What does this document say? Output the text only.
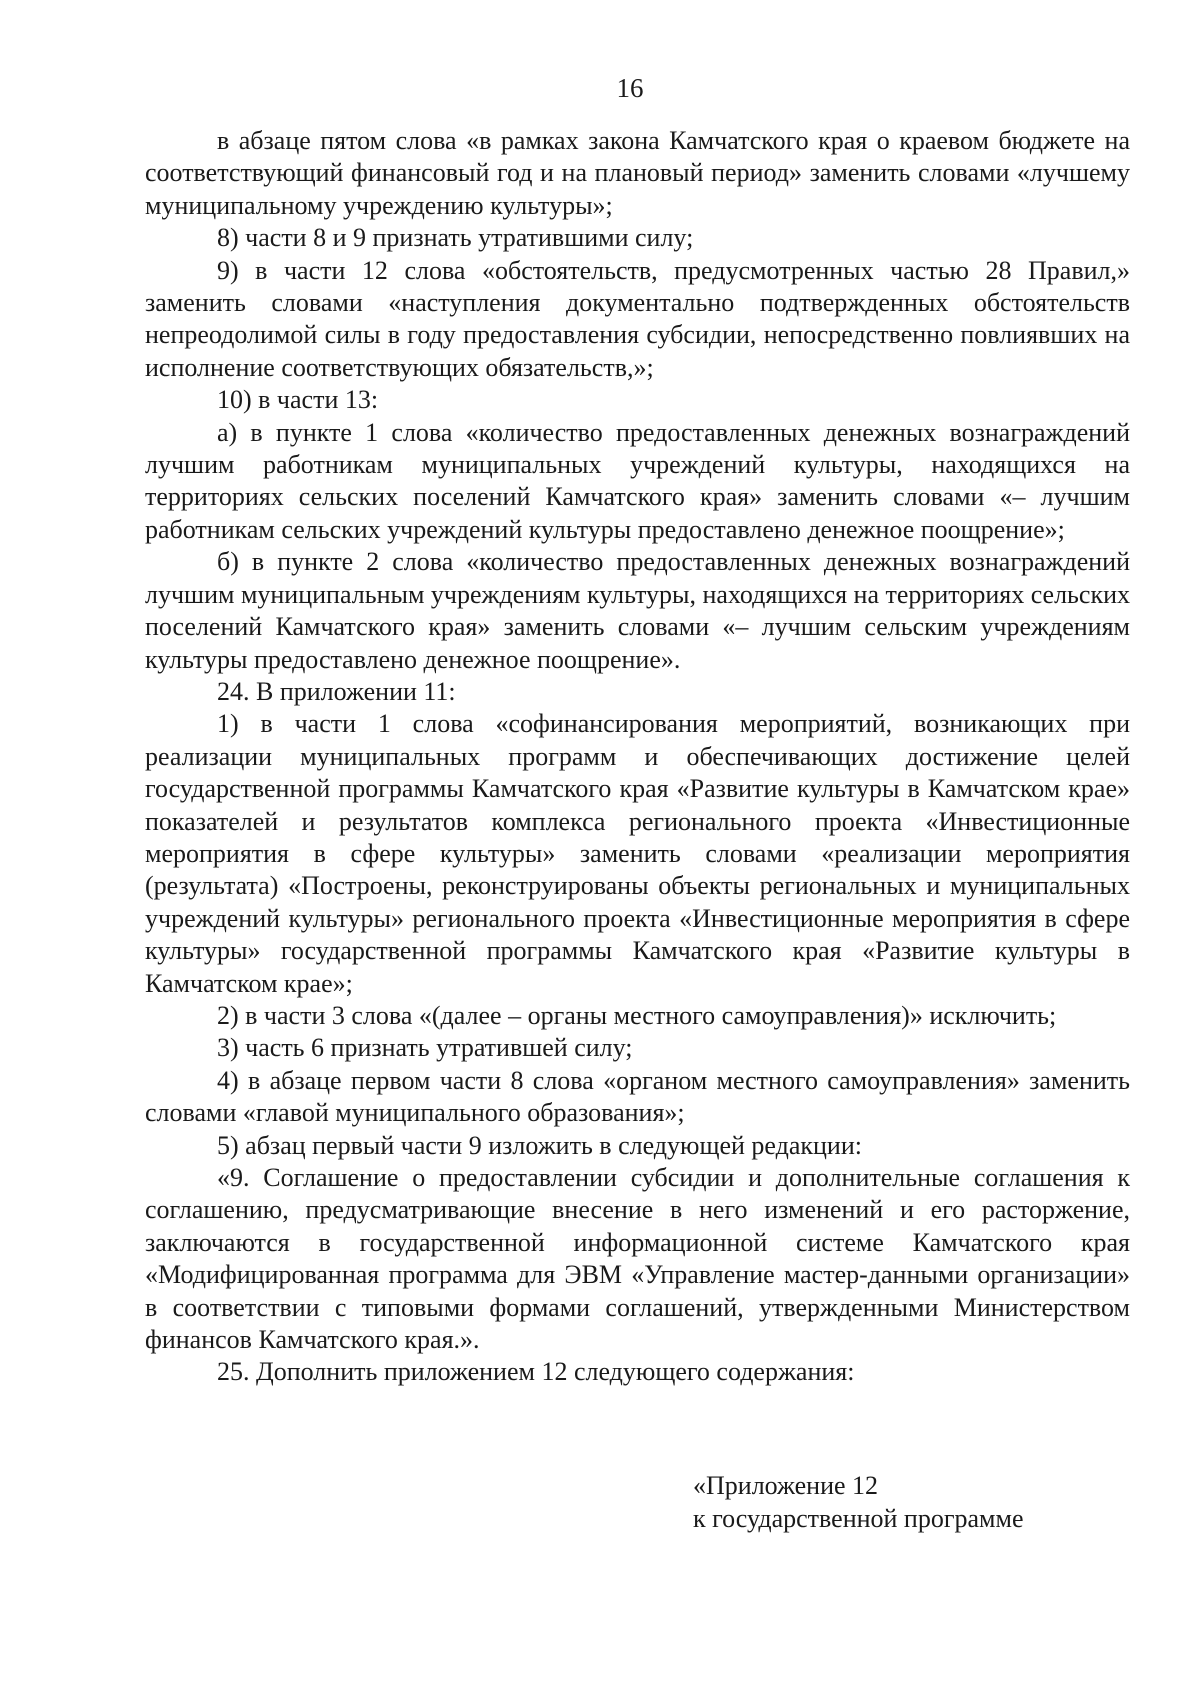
16

в абзаце пятом слова «в рамках закона Камчатского края о краевом бюджете на соответствующий финансовый год и на плановый период» заменить словами «лучшему муниципальному учреждению культуры»;

8) части 8 и 9 признать утратившими силу;

9) в части 12 слова «обстоятельств, предусмотренных частью 28 Правил,» заменить словами «наступления документально подтвержденных обстоятельств непреодолимой силы в году предоставления субсидии, непосредственно повлиявших на исполнение соответствующих обязательств,»;

10) в части 13:

а) в пункте 1 слова «количество предоставленных денежных вознаграждений лучшим работникам муниципальных учреждений культуры, находящихся на территориях сельских поселений Камчатского края» заменить словами «– лучшим работникам сельских учреждений культуры предоставлено денежное поощрение»;

б) в пункте 2 слова «количество предоставленных денежных вознаграждений лучшим муниципальным учреждениям культуры, находящихся на территориях сельских поселений Камчатского края» заменить словами «– лучшим сельским учреждениям культуры предоставлено денежное поощрение».

24. В приложении 11:

1) в части 1 слова «софинансирования мероприятий, возникающих при реализации муниципальных программ и обеспечивающих достижение целей государственной программы Камчатского края «Развитие культуры в Камчатском крае» показателей и результатов комплекса регионального проекта «Инвестиционные мероприятия в сфере культуры» заменить словами «реализации мероприятия (результата) «Построены, реконструированы объекты региональных и муниципальных учреждений культуры» регионального проекта «Инвестиционные мероприятия в сфере культуры» государственной программы Камчатского края «Развитие культуры в Камчатском крае»;

2) в части 3 слова «(далее – органы местного самоуправления)» исключить;

3) часть 6 признать утратившей силу;

4) в абзаце первом части 8 слова «органом местного самоуправления» заменить словами «главой муниципального образования»;

5) абзац первый части 9 изложить в следующей редакции:

«9. Соглашение о предоставлении субсидии и дополнительные соглашения к соглашению, предусматривающие внесение в него изменений и его расторжение, заключаются в государственной информационной системе Камчатского края «Модифицированная программа для ЭВМ «Управление мастер-данными организации» в соответствии с типовыми формами соглашений, утвержденными Министерством финансов Камчатского края.».

25. Дополнить приложением 12 следующего содержания:

«Приложение 12
к государственной программе
